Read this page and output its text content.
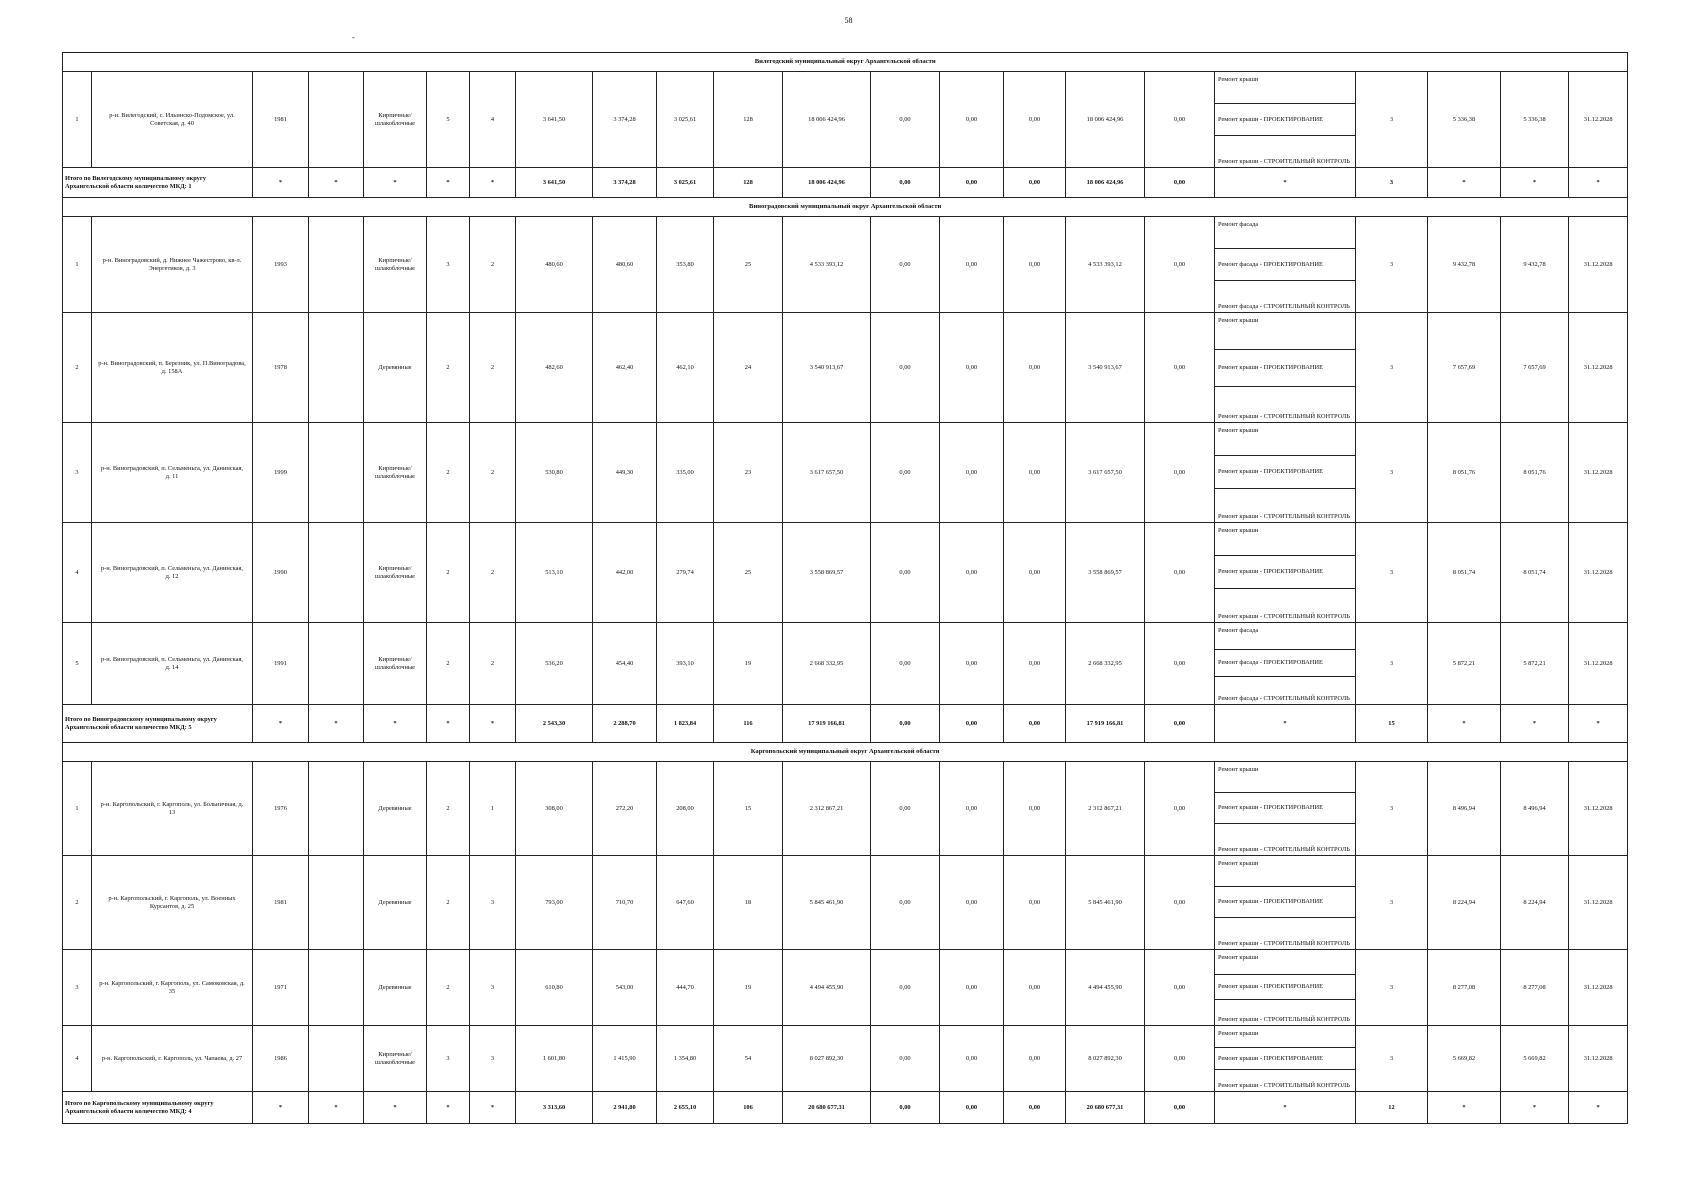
58
-
Вилегодский муниципальный округ Архангельской области																					
1	р-н. Вилегодский, с. Ильинско-Подомское, ул. Советская, д. 40	1981		Кирпичные/ шлакоблочные	5	4	3 641,50	3 374,28	3 025,61	128	18 006 424,96	0,00	0,00	0,00	18 006 424,96	0,00	Ремонт крыши	3	5 336,38	5 336,38	31.12.2028
																	Ремонт крыши - ПРОЕКТИРОВАНИЕ				
																	Ремонт крыши - СТРОИТЕЛЬНЫЙ КОНТРОЛЬ				
Итого по Вилегодскому муниципальному округу Архангельской области количество МКД: 1		*	*	*	*	*	3 641,50	3 374,28	3 025,61	128	18 006 424,96	0,00	0,00	0,00	18 006 424,96	0,00	*	3	*	*	*
Виноградовский муниципальный округ Архангельской области																					
1	р-н. Виноградовский, д. Нижнее Чажестрово, кв-л. Энергетиков, д. 3	1993		Кирпичные/ шлакоблочные	3	2	480,60	480,60	353,80	25	4 533 393,12	0,00	0,00	0,00	4 533 393,12	0,00	Ремонт фасада	3	9 432,78	9 432,78	31.12.2028
																	Ремонт фасада - ПРОЕКТИРОВАНИЕ				
																	Ремонт фасада - СТРОИТЕЛЬНЫЙ КОНТРОЛЬ				
2	р-н. Виноградовский, п. Березник, ул. П.Виноградова, д. 158А	1978		Деревянные	2	2	482,60	462,40	462,10	24	3 540 913,67	0,00	0,00	0,00	3 540 913,67	0,00	Ремонт крыши	3	7 657,69	7 657,69	31.12.2028
																	Ремонт крыши - ПРОЕКТИРОВАНИЕ				
																	Ремонт крыши - СТРОИТЕЛЬНЫЙ КОНТРОЛЬ				
3	р-н. Виноградовский, п. Сельменьга, ул. Данинская, д. 11	1999		Кирпичные/ шлакоблочные	2	2	530,80	449,30	335,00	23	3 617 657,50	0,00	0,00	0,00	3 617 657,50	0,00	Ремонт крыши	3	8 051,76	8 051,76	31.12.2028
																	Ремонт крыши - ПРОЕКТИРОВАНИЕ				
																	Ремонт крыши - СТРОИТЕЛЬНЫЙ КОНТРОЛЬ				
4	р-н. Виноградовский, п. Сельменьга, ул. Данинская, д. 12	1990		Кирпичные/ шлакоблочные	2	2	513,10	442,00	279,74	25	3 558 869,57	0,00	0,00	0,00	3 558 869,57	0,00	Ремонт крыши	3	8 051,74	8 051,74	31.12.2028
																	Ремонт крыши - ПРОЕКТИРОВАНИЕ				
																	Ремонт крыши - СТРОИТЕЛЬНЫЙ КОНТРОЛЬ				
5	р-н. Виноградовский, п. Сельменьга, ул. Данинская, д. 14	1991		Кирпичные/ шлакоблочные	2	2	536,20	454,40	393,10	19	2 668 332,95	0,00	0,00	0,00	2 668 332,95	0,00	Ремонт фасада	3	5 872,21	5 872,21	31.12.2028
																	Ремонт фасада - ПРОЕКТИРОВАНИЕ				
																	Ремонт фасада - СТРОИТЕЛЬНЫЙ КОНТРОЛЬ				
Итого по Виноградовскому муниципальному округу Архангельской области количество МКД: 5		*	*	*	*	*	2 543,30	2 288,70	1 823,84	116	17 919 166,81	0,00	0,00	0,00	17 919 166,81	0,00	*	15	*	*	*
Каргопольский муниципальный округ Архангельской области																					
1	р-н. Каргопольский, г. Каргополь, ул. Больничная, д. 13	1976		Деревянные	2	1	308,00	272,20	208,00	15	2 312 867,21	0,00	0,00	0,00	2 312 867,21	0,00	Ремонт крыши	3	8 496,94	8 496,94	31.12.2028
																	Ремонт крыши - ПРОЕКТИРОВАНИЕ				
																	Ремонт крыши - СТРОИТЕЛЬНЫЙ КОНТРОЛЬ				
2	р-н. Каргопольский, г. Каргополь, ул. Военных Курсантов, д. 25	1981		Деревянные	2	3	793,00	710,70	647,60	18	5 845 461,90	0,00	0,00	0,00	5 845 461,90	0,00	Ремонт крыши	3	8 224,94	8 224,94	31.12.2028
																	Ремонт крыши - ПРОЕКТИРОВАНИЕ				
																	Ремонт крыши - СТРОИТЕЛЬНЫЙ КОНТРОЛЬ				
3	р-н. Каргопольский, г. Каргополь, ул. Самоковская, д. 35	1971		Деревянные	2	3	610,80	543,00	444,70	19	4 494 455,90	0,00	0,00	0,00	4 494 455,90	0,00	Ремонт крыши	3	8 277,08	8 277,08	31.12.2028
																	Ремонт крыши - ПРОЕКТИРОВАНИЕ				
																	Ремонт крыши - СТРОИТЕЛЬНЫЙ КОНТРОЛЬ				
4	р-н. Каргопольский, г. Каргополь, ул. Чапаева, д. 27	1986		Кирпичные/ шлакоблочные	3	3	1 601,80	1 415,90	1 354,80	54	8 027 892,30	0,00	0,00	0,00	8 027 892,30	0,00	Ремонт крыши	3	5 669,82	5 669,82	31.12.2028
																	Ремонт крыши - ПРОЕКТИРОВАНИЕ				
																	Ремонт крыши - СТРОИТЕЛЬНЫЙ КОНТРОЛЬ				
Итого по Каргопольскому муниципальному округу Архангельской области количество МКД: 4		*	*	*	*	*	3 313,60	2 941,80	2 655,10	106	20 680 677,31	0,00	0,00	0,00	20 680 677,31	0,00	*	12	*	*	*
